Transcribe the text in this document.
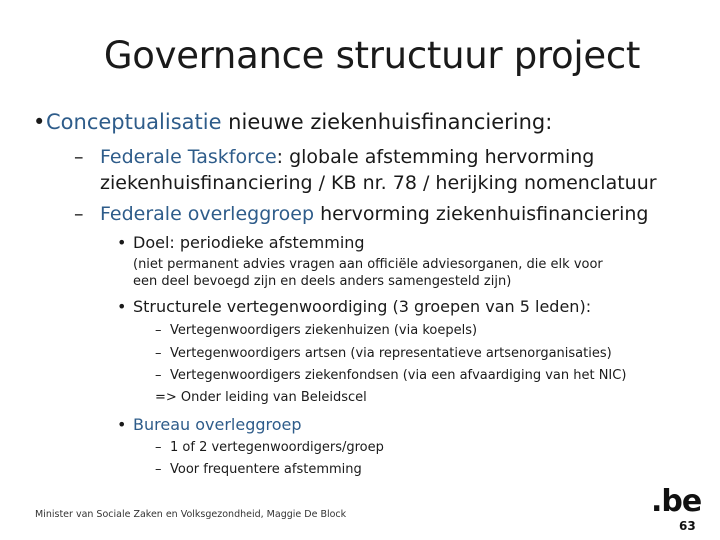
Governance structuur project
• Conceptualisatie nieuwe ziekenhuisfinanciering:
– Federale Taskforce: globale afstemming hervorming
ziekenhuisfinanciering / KB nr. 78 / herijking nomenclatuur
– Federale overleggroep hervorming ziekenhuisfinanciering
• Doel: periodieke afstemming
(niet permanent advies vragen aan officiële adviesorganen, die elk voor
een deel bevoegd zijn en deels anders samengesteld zijn)
• Structurele vertegenwoordiging (3 groepen van 5 leden):
– Vertegenwoordigers ziekenhuizen (via koepels)
– Vertegenwoordigers artsen (via representatieve artsenorganisaties)
– Vertegenwoordigers ziekenfondsen (via een afvaardiging van het NIC)
=> Onder leiding van Beleidscel
• Bureau overleggroep
– 1 of 2 vertegenwoordigers/groep
– Voor frequentere afstemming
Minister van Sociale Zaken en Volksgezondheid, Maggie De Block	.be
63
